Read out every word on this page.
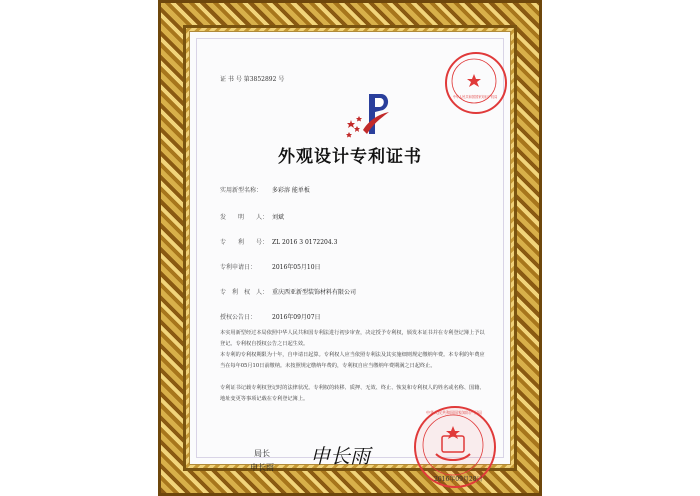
证 书 号 第3852892 号
中华人民共和国国家知识产权局
外观设计专利证书
实用新型名称： 多彩溶 能单板
发　　明　　人： 刘斌
专　　利　　号： ZL 2016 3 0172204.3
专利申请日：	2016年05月10日
专　利　权　人： 重庆西亚新型装饰材料有限公司
授权公告日：	2016年09月07日
本实用新型经过本局依照中华人民共和国专利法进行初步审查，决定授予专利权，颁发本证书并在专利登记簿上予以登记。专利权自授权公告之日起生效。
本专利的专利权期限为十年，自申请日起算。专利权人应当依照专利法及其实施细则规定缴纳年费。本专利的年费应当在每年05月10日前缴纳。未按照规定缴纳年费的，专利权自应当缴纳年费期满之日起终止。
专利证书记载专利权登记时的法律状况。专利权的转移、质押、无效、终止、恢复和专利权人的姓名或名称、国籍、地址变更等事项记载在专利登记簿上。
局长
申长雨 申长雨
中华人民共和国国家知识产权局
2016年09月28日
